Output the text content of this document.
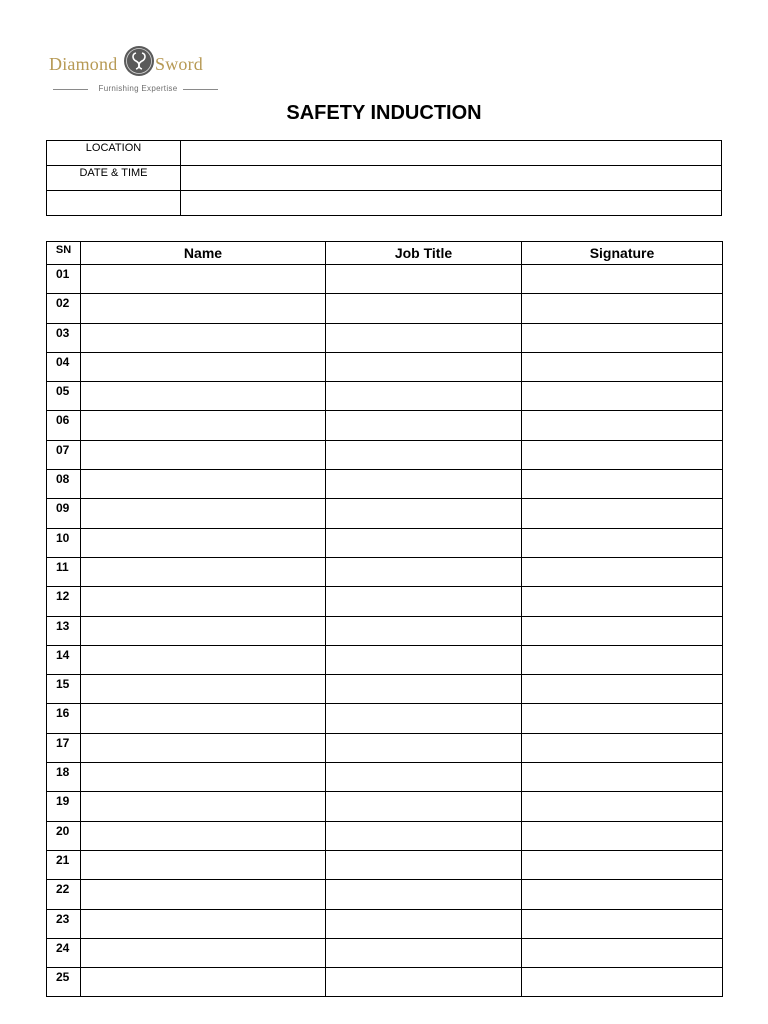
Diamond Sword
Furnishing Expertise
SAFETY INDUCTION
LOCATION	
DATE & TIME	

SN	Name	Job Title	Signature
01			
02			
03			
04			
05			
06			
07			
08			
09			
10			
11			
12			
13			
14			
15			
16			
17			
18			
19			
20			
21			
22			
23			
24			
25			
